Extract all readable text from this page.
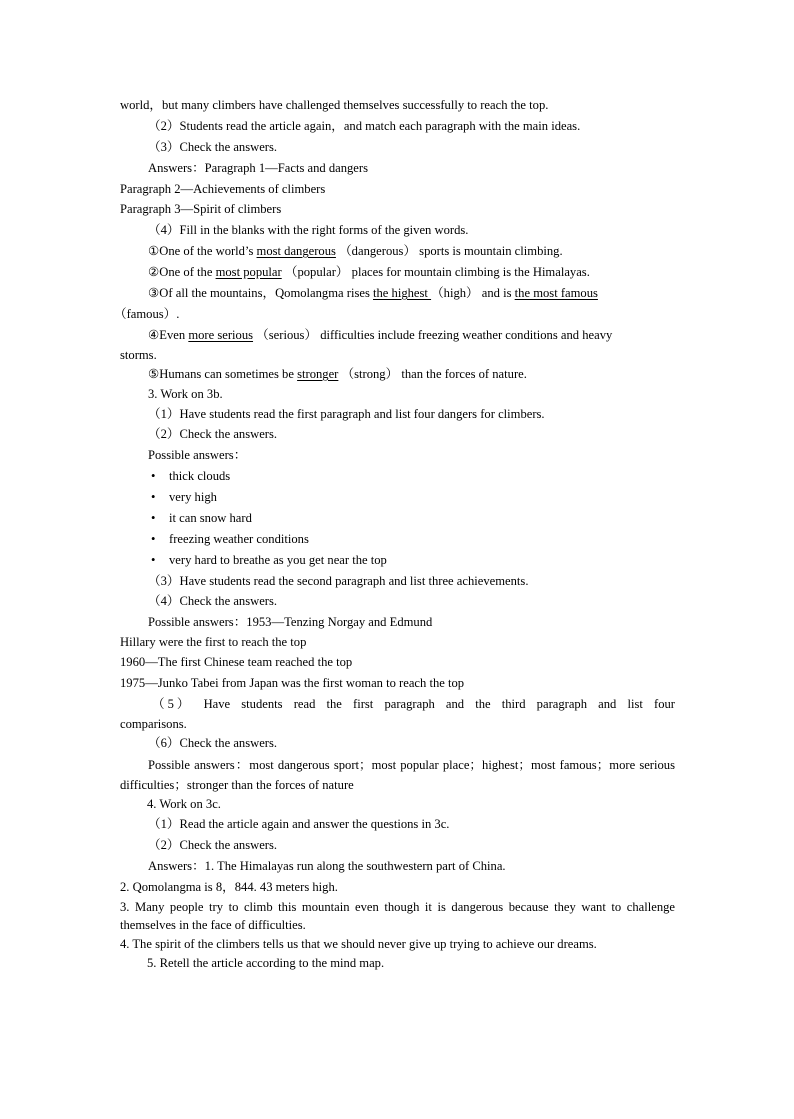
world，but many climbers have challenged themselves successfully to reach the top.
（2）Students read the article again，and match each paragraph with the main ideas.
（3）Check the answers.
Answers：Paragraph 1—Facts and dangers
Paragraph 2—Achievements of climbers
Paragraph 3—Spirit of climbers
（4）Fill in the blanks with the right forms of the given words.
①One of the world’s most dangerous （dangerous） sports is mountain climbing.
②One of the most popular （popular） places for mountain climbing is the Himalayas.
③Of all the mountains，Qomolangma rises the highest （high） and is the most famous
（famous）.
④Even more serious （serious） difficulties include freezing weather conditions and heavy
storms.
⑤Humans can sometimes be stronger （strong） than the forces of nature.
3. Work on 3b.
（1）Have students read the first paragraph and list four dangers for climbers.
（2）Check the answers.
Possible answers：
• thick clouds
• very high
• it can snow hard
• freezing weather conditions
• very hard to breathe as you get near the top
（3）Have students read the second paragraph and list three achievements.
（4）Check the answers.
Possible answers：1953—Tenzing Norgay and Edmund
Hillary were the first to reach the top
1960—The first Chinese team reached the top
1975—Junko Tabei from Japan was the first woman to reach the top
（5） Have students read the first paragraph and the third paragraph and list four comparisons.
（6）Check the answers.
Possible answers：most dangerous sport；most popular place；highest；most famous；more serious difficulties；stronger than the forces of nature
4. Work on 3c.
（1）Read the article again and answer the questions in 3c.
（2）Check the answers.
Answers：1. The Himalayas run along the southwestern part of China.
2. Qomolangma is 8，844. 43 meters high.
3. Many people try to climb this mountain even though it is dangerous because they want to challenge themselves in the face of difficulties.
4. The spirit of the climbers tells us that we should never give up trying to achieve our dreams.
5. Retell the article according to the mind map.
